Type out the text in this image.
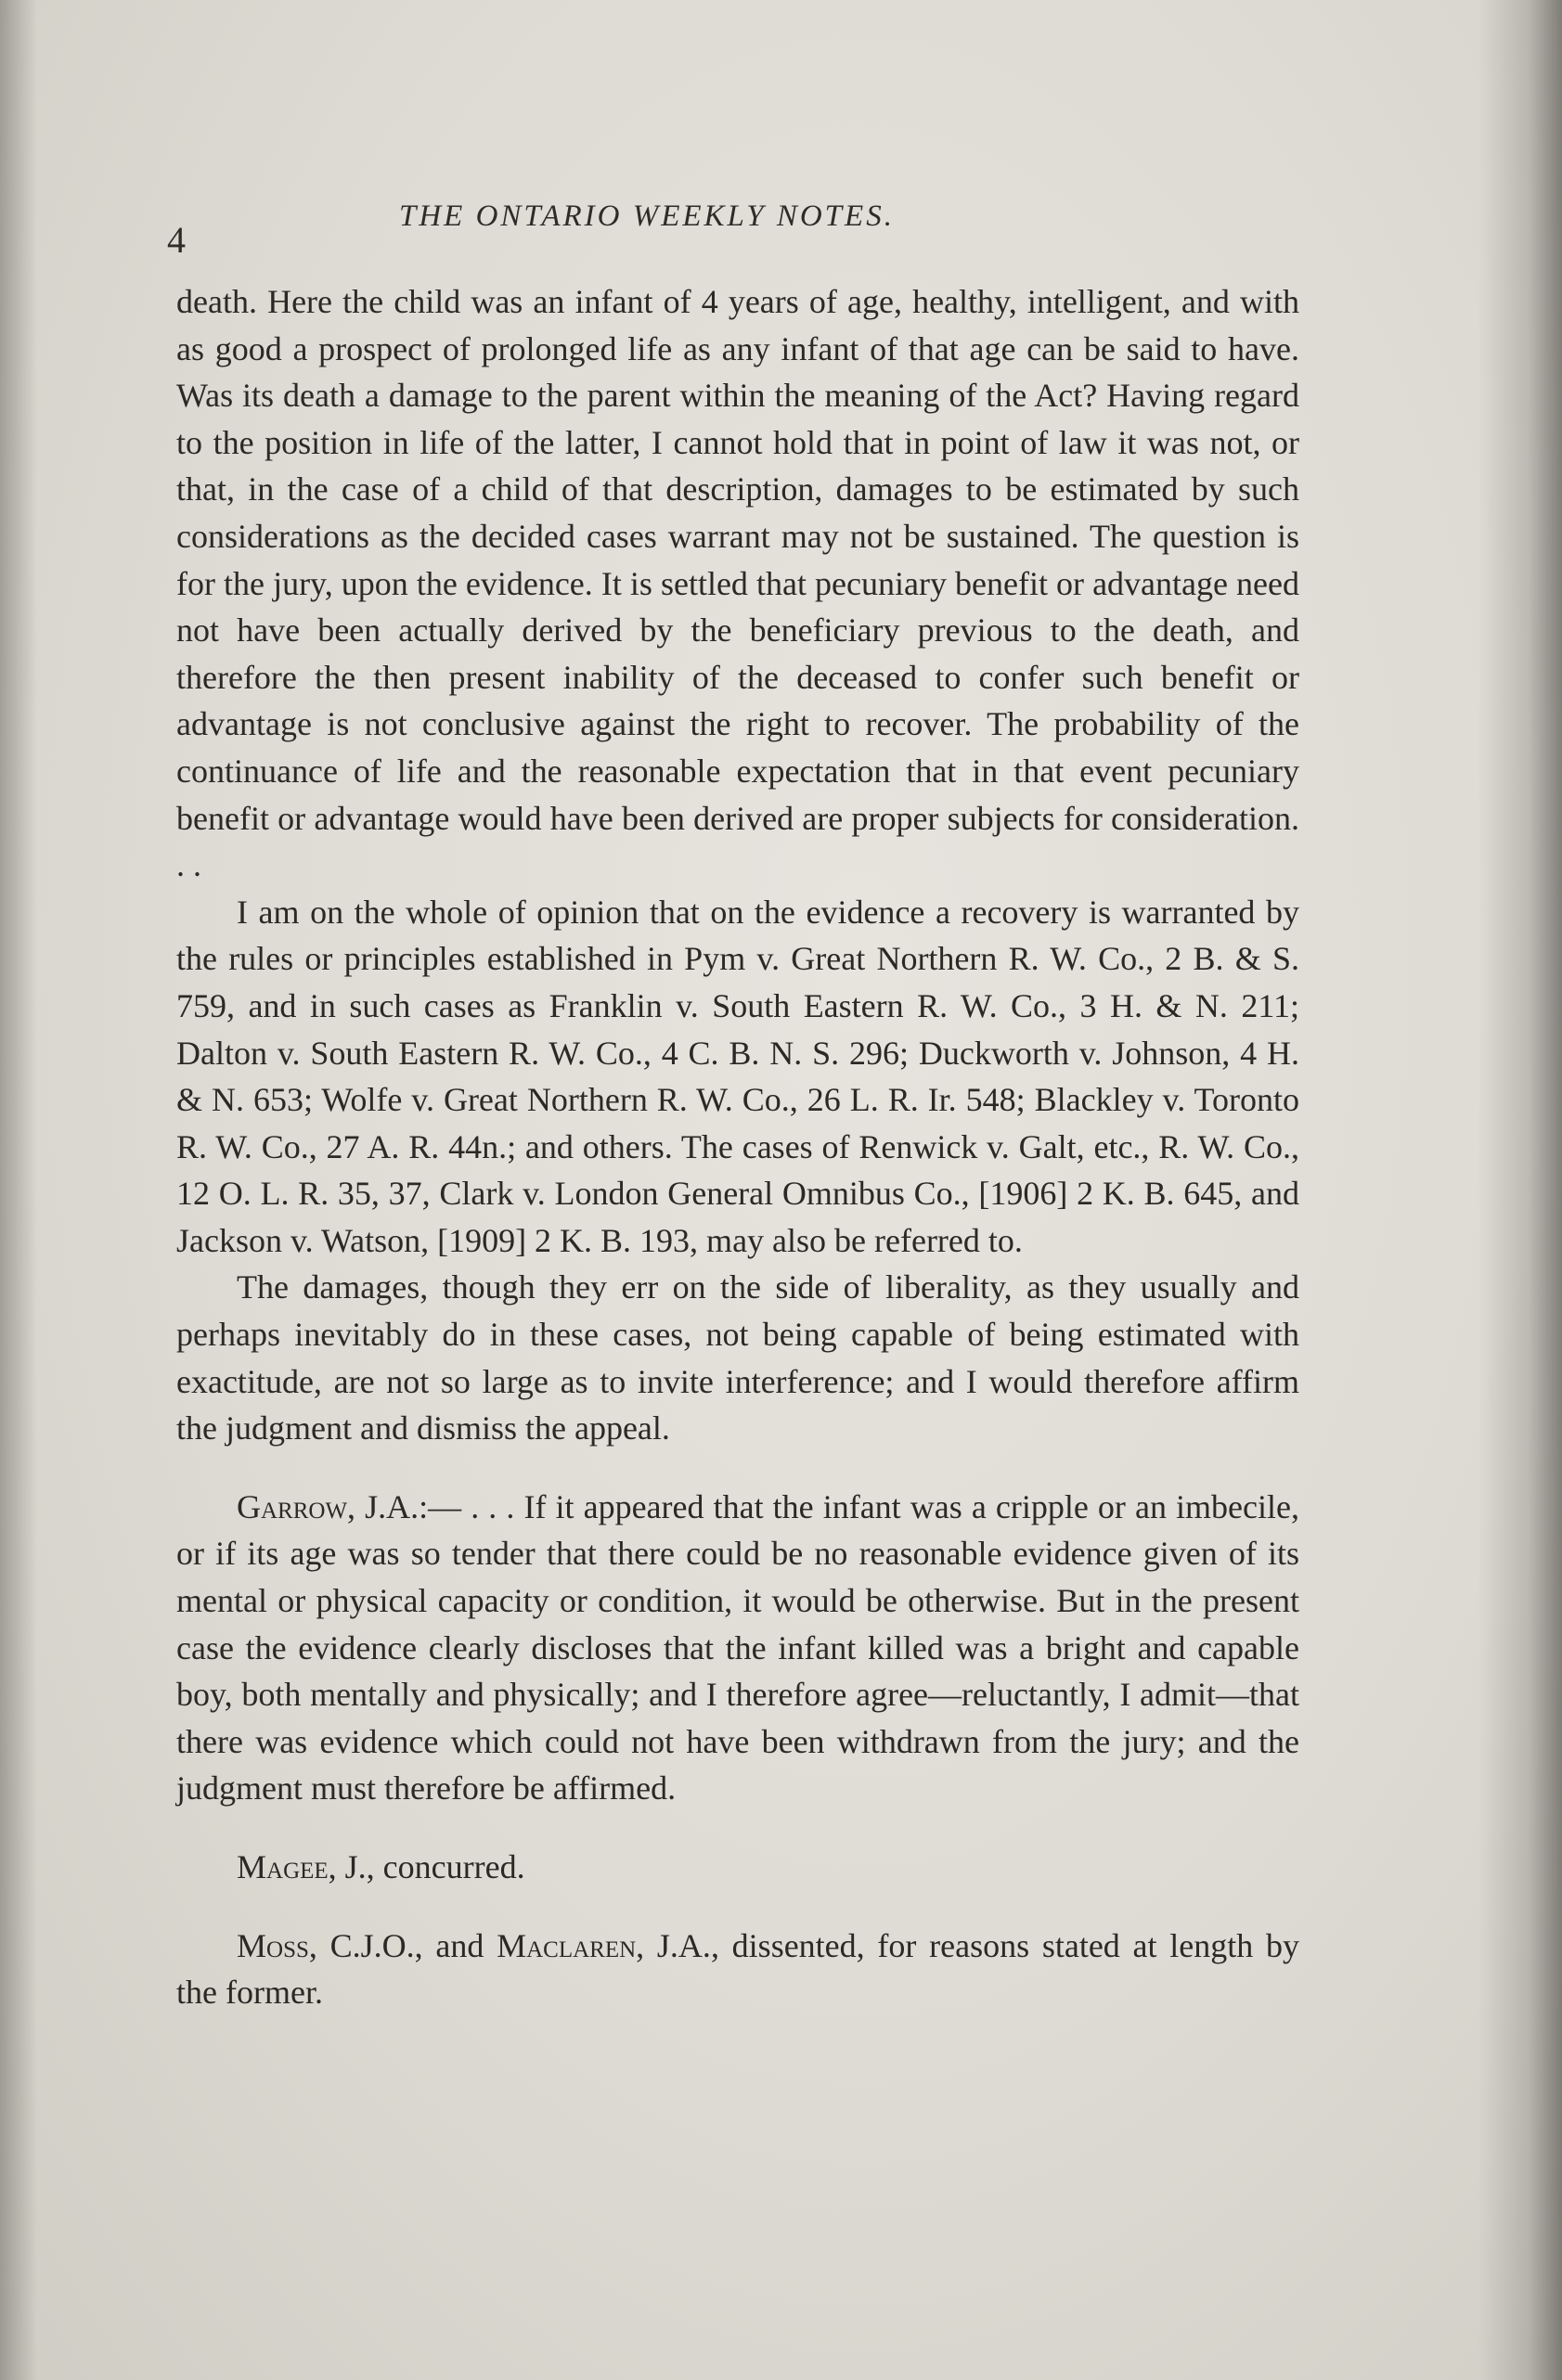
4
THE ONTARIO WEEKLY NOTES.

death. Here the child was an infant of 4 years of age, healthy, intelligent, and with as good a prospect of prolonged life as any infant of that age can be said to have. Was its death a damage to the parent within the meaning of the Act? Having regard to the position in life of the latter, I cannot hold that in point of law it was not, or that, in the case of a child of that description, damages to be estimated by such considerations as the decided cases warrant may not be sustained. The question is for the jury, upon the evidence. It is settled that pecuniary benefit or advantage need not have been actually derived by the beneficiary previous to the death, and therefore the then present inability of the deceased to confer such benefit or advantage is not conclusive against the right to recover. The probability of the continuance of life and the reasonable expectation that in that event pecuniary benefit or advantage would have been derived are proper subjects for consideration. . .

I am on the whole of opinion that on the evidence a recovery is warranted by the rules or principles established in Pym v. Great Northern R. W. Co., 2 B. & S. 759, and in such cases as Franklin v. South Eastern R. W. Co., 3 H. & N. 211; Dalton v. South Eastern R. W. Co., 4 C. B. N. S. 296; Duckworth v. Johnson, 4 H. & N. 653; Wolfe v. Great Northern R. W. Co., 26 L. R. Ir. 548; Blackley v. Toronto R. W. Co., 27 A. R. 44n.; and others. The cases of Renwick v. Galt, etc., R. W. Co., 12 O. L. R. 35, 37, Clark v. London General Omnibus Co., [1906] 2 K. B. 645, and Jackson v. Watson, [1909] 2 K. B. 193, may also be referred to.

The damages, though they err on the side of liberality, as they usually and perhaps inevitably do in these cases, not being capable of being estimated with exactitude, are not so large as to invite interference; and I would therefore affirm the judgment and dismiss the appeal.

Garrow, J.A.:— . . . If it appeared that the infant was a cripple or an imbecile, or if its age was so tender that there could be no reasonable evidence given of its mental or physical capacity or condition, it would be otherwise. But in the present case the evidence clearly discloses that the infant killed was a bright and capable boy, both mentally and physically; and I therefore agree—reluctantly, I admit—that there was evidence which could not have been withdrawn from the jury; and the judgment must therefore be affirmed.

Magee, J., concurred.

Moss, C.J.O., and Maclaren, J.A., dissented, for reasons stated at length by the former.
